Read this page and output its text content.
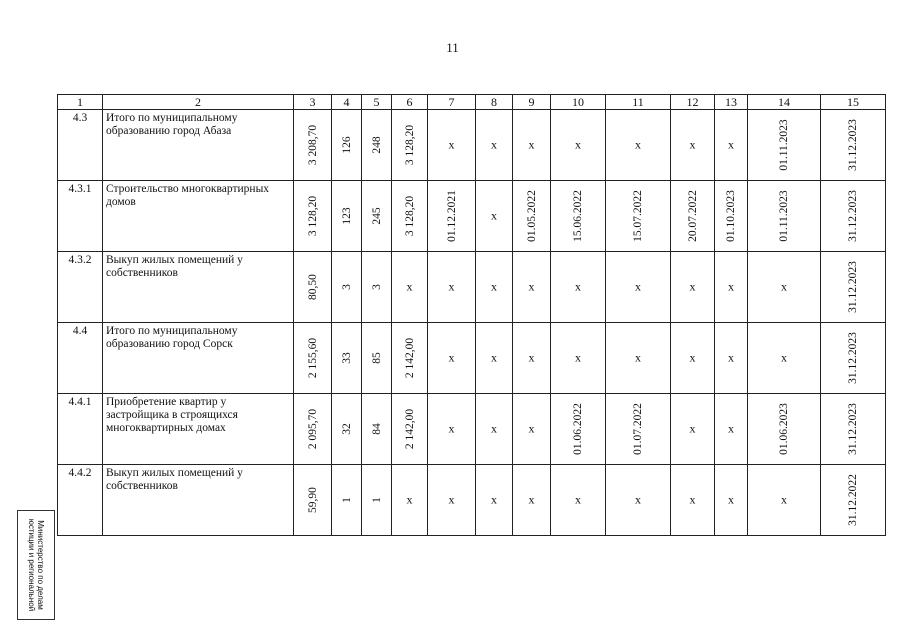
11
1	2	3	4	5	6	7	8	9	10	11	12	13	14	15
4.3	Итого по муниципальному образованию город Абаза	3 208,70	126	248	3 128,20	х	х	х	х	х	х	х	01.11.2023	31.12.2023

4.3.1	Строительство многоквартирных домов	3 128,20	123	245	3 128,20	01.12.2021	х	01.05.2022	15.06.2022	15.07.2022	20.07.2022	01.10.2023	01.11.2023	31.12.2023

4.3.2	Выкуп жилых помещений у собственников	80,50	3	3	х	х	х	х	х	х	х	х	х	31.12.2023

4.4	Итого по муниципальному образованию город Сорск	2 155,60	33	85	2 142,00	х	х	х	х	х	х	х	х	31.12.2023

4.4.1	Приобретение квартир у застройщика в строящихся многоквартирных домах	2 095,70	32	84	2 142,00	х	х	х	01.06.2022	01.07.2022	х	х	01.06.2023	31.12.2023

4.4.2	Выкуп жилых помещений у собственников	59,90	1	1	х	х	х	х	х	х	х	х	х	31.12.2022
Министерство по делам
юстиции и региональной
